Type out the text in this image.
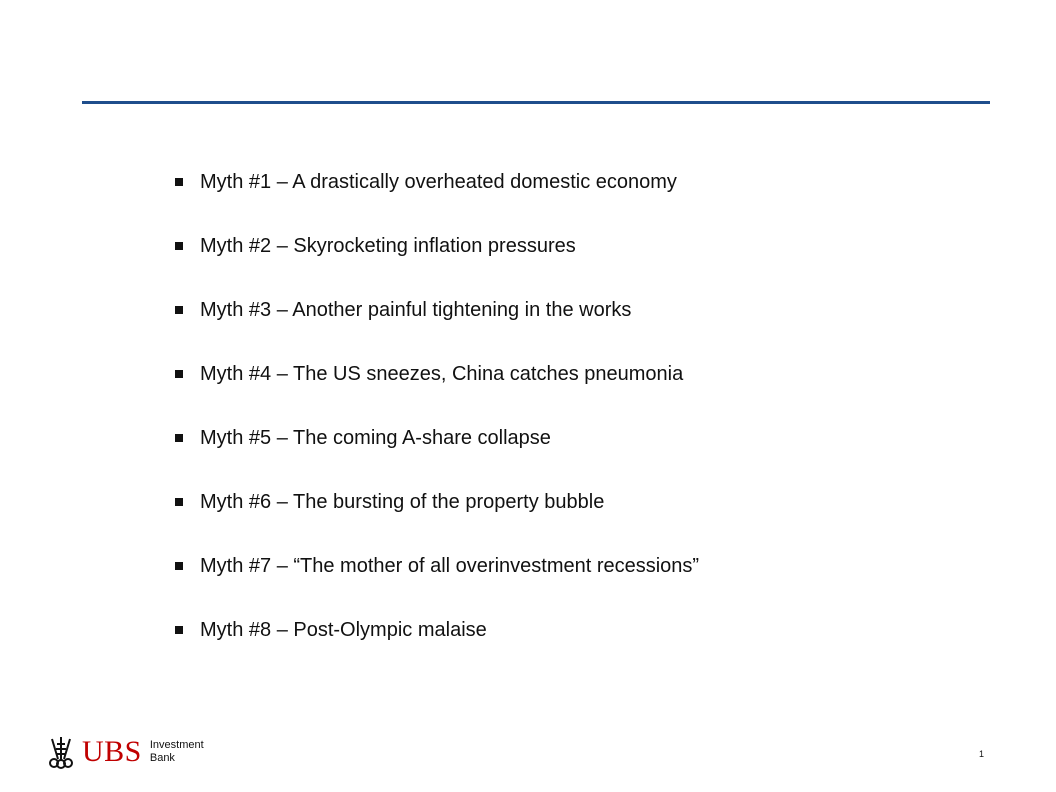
Myth #1 – A drastically overheated domestic economy
Myth #2 – Skyrocketing inflation pressures
Myth #3 – Another painful tightening in the works
Myth #4 – The US sneezes, China catches pneumonia
Myth #5 – The coming A-share collapse
Myth #6 – The bursting of the property bubble
Myth #7 – “The mother of all overinvestment recessions”
Myth #8 – Post-Olympic malaise
UBS Investment
Bank	1
